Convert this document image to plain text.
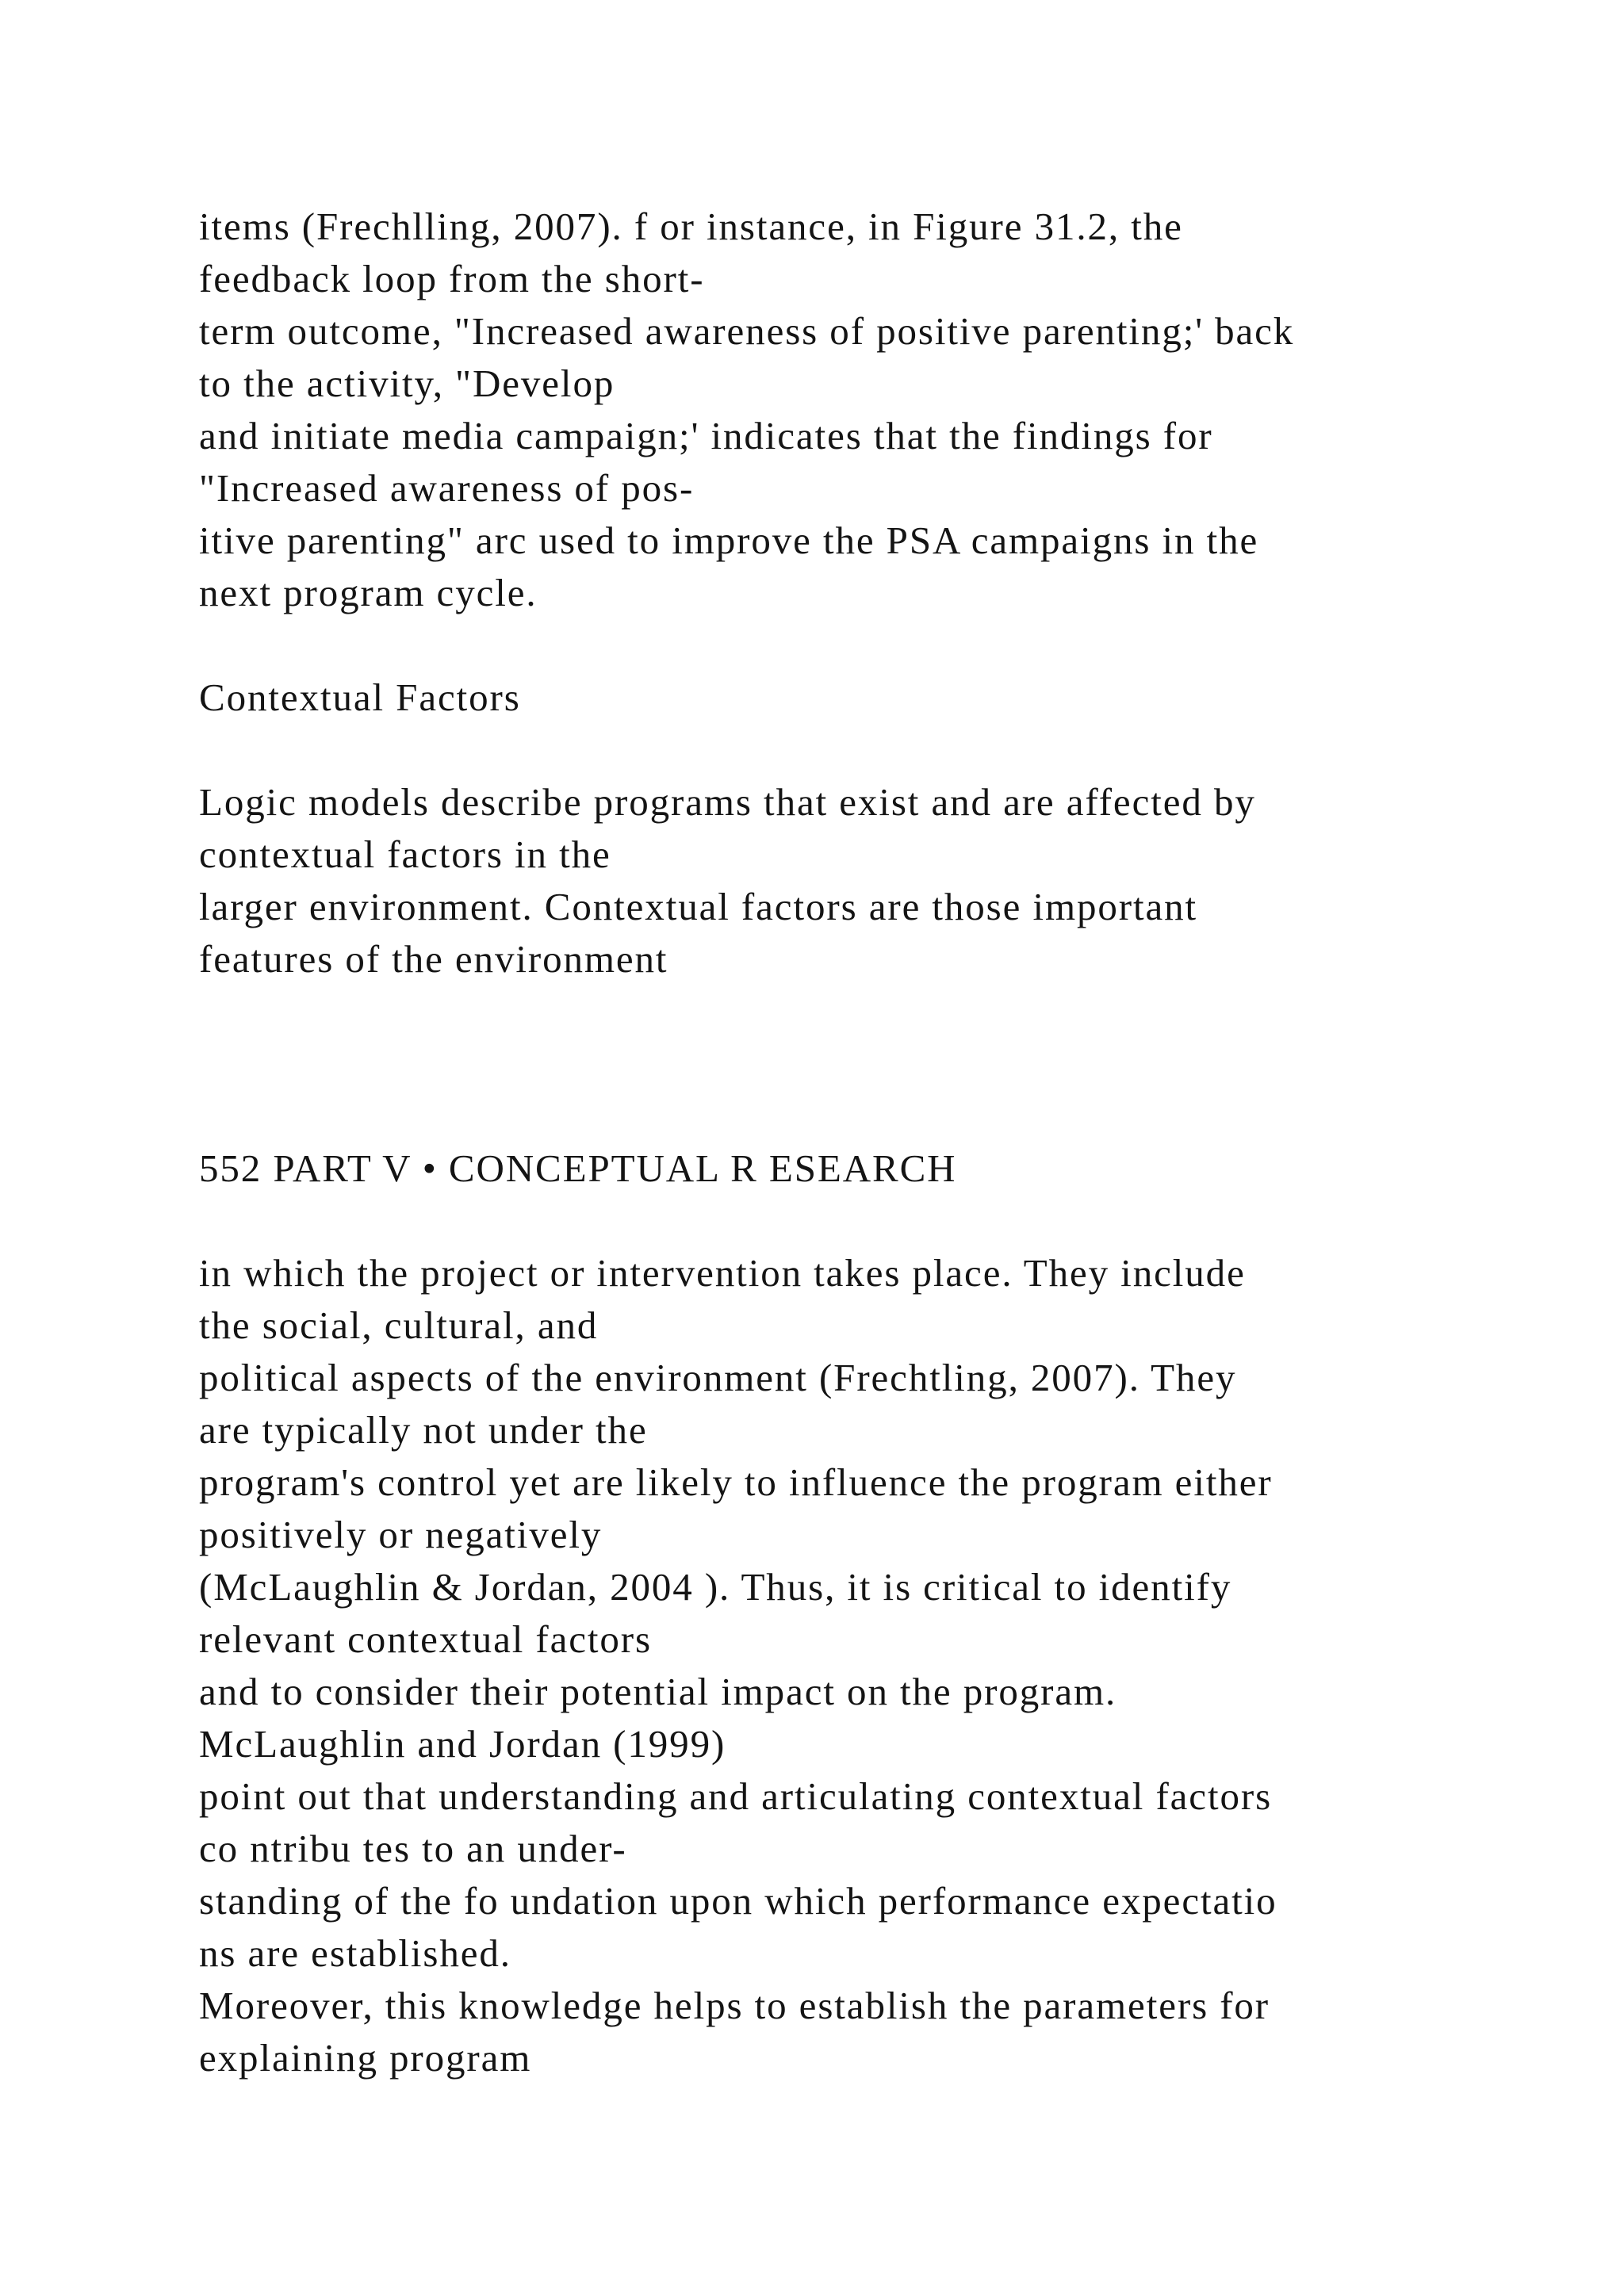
items (Frechlling, 2007). f or instance, in Figure 31.2, the

feedback loop from the short-

term outcome, "Increased awareness of positive parenting;' back

to the activity, "Develop

and initiate media campaign;' indicates that the findings for

"Increased awareness of pos-

itive parenting" arc used to improve the PSA campaigns in the

next program cycle.

Contextual Factors

Logic models describe programs that exist and are affected by

contextual factors in the

larger environment. Contextual factors are those important

features of the environment

552 PART V • CONCEPTUAL R ESEARCH

in which the project or intervention takes place. They include

the social, cultural, and

political aspects of the environment (Frechtling, 2007). They

are typically not under the

program's control yet are likely to influence the program either

positively or negatively

(McLaughlin & Jordan, 2004 ). Thus, it is critical to identify

relevant contextual factors

and to consider their potential impact on the program.

McLaughlin and Jordan (1999)

point out that understanding and articulating contextual factors

co ntribu tes to an under-

standing of the fo undation upon which performance expectatio

ns are established.

Moreover, this knowledge helps to establish the parameters for

explaining program
